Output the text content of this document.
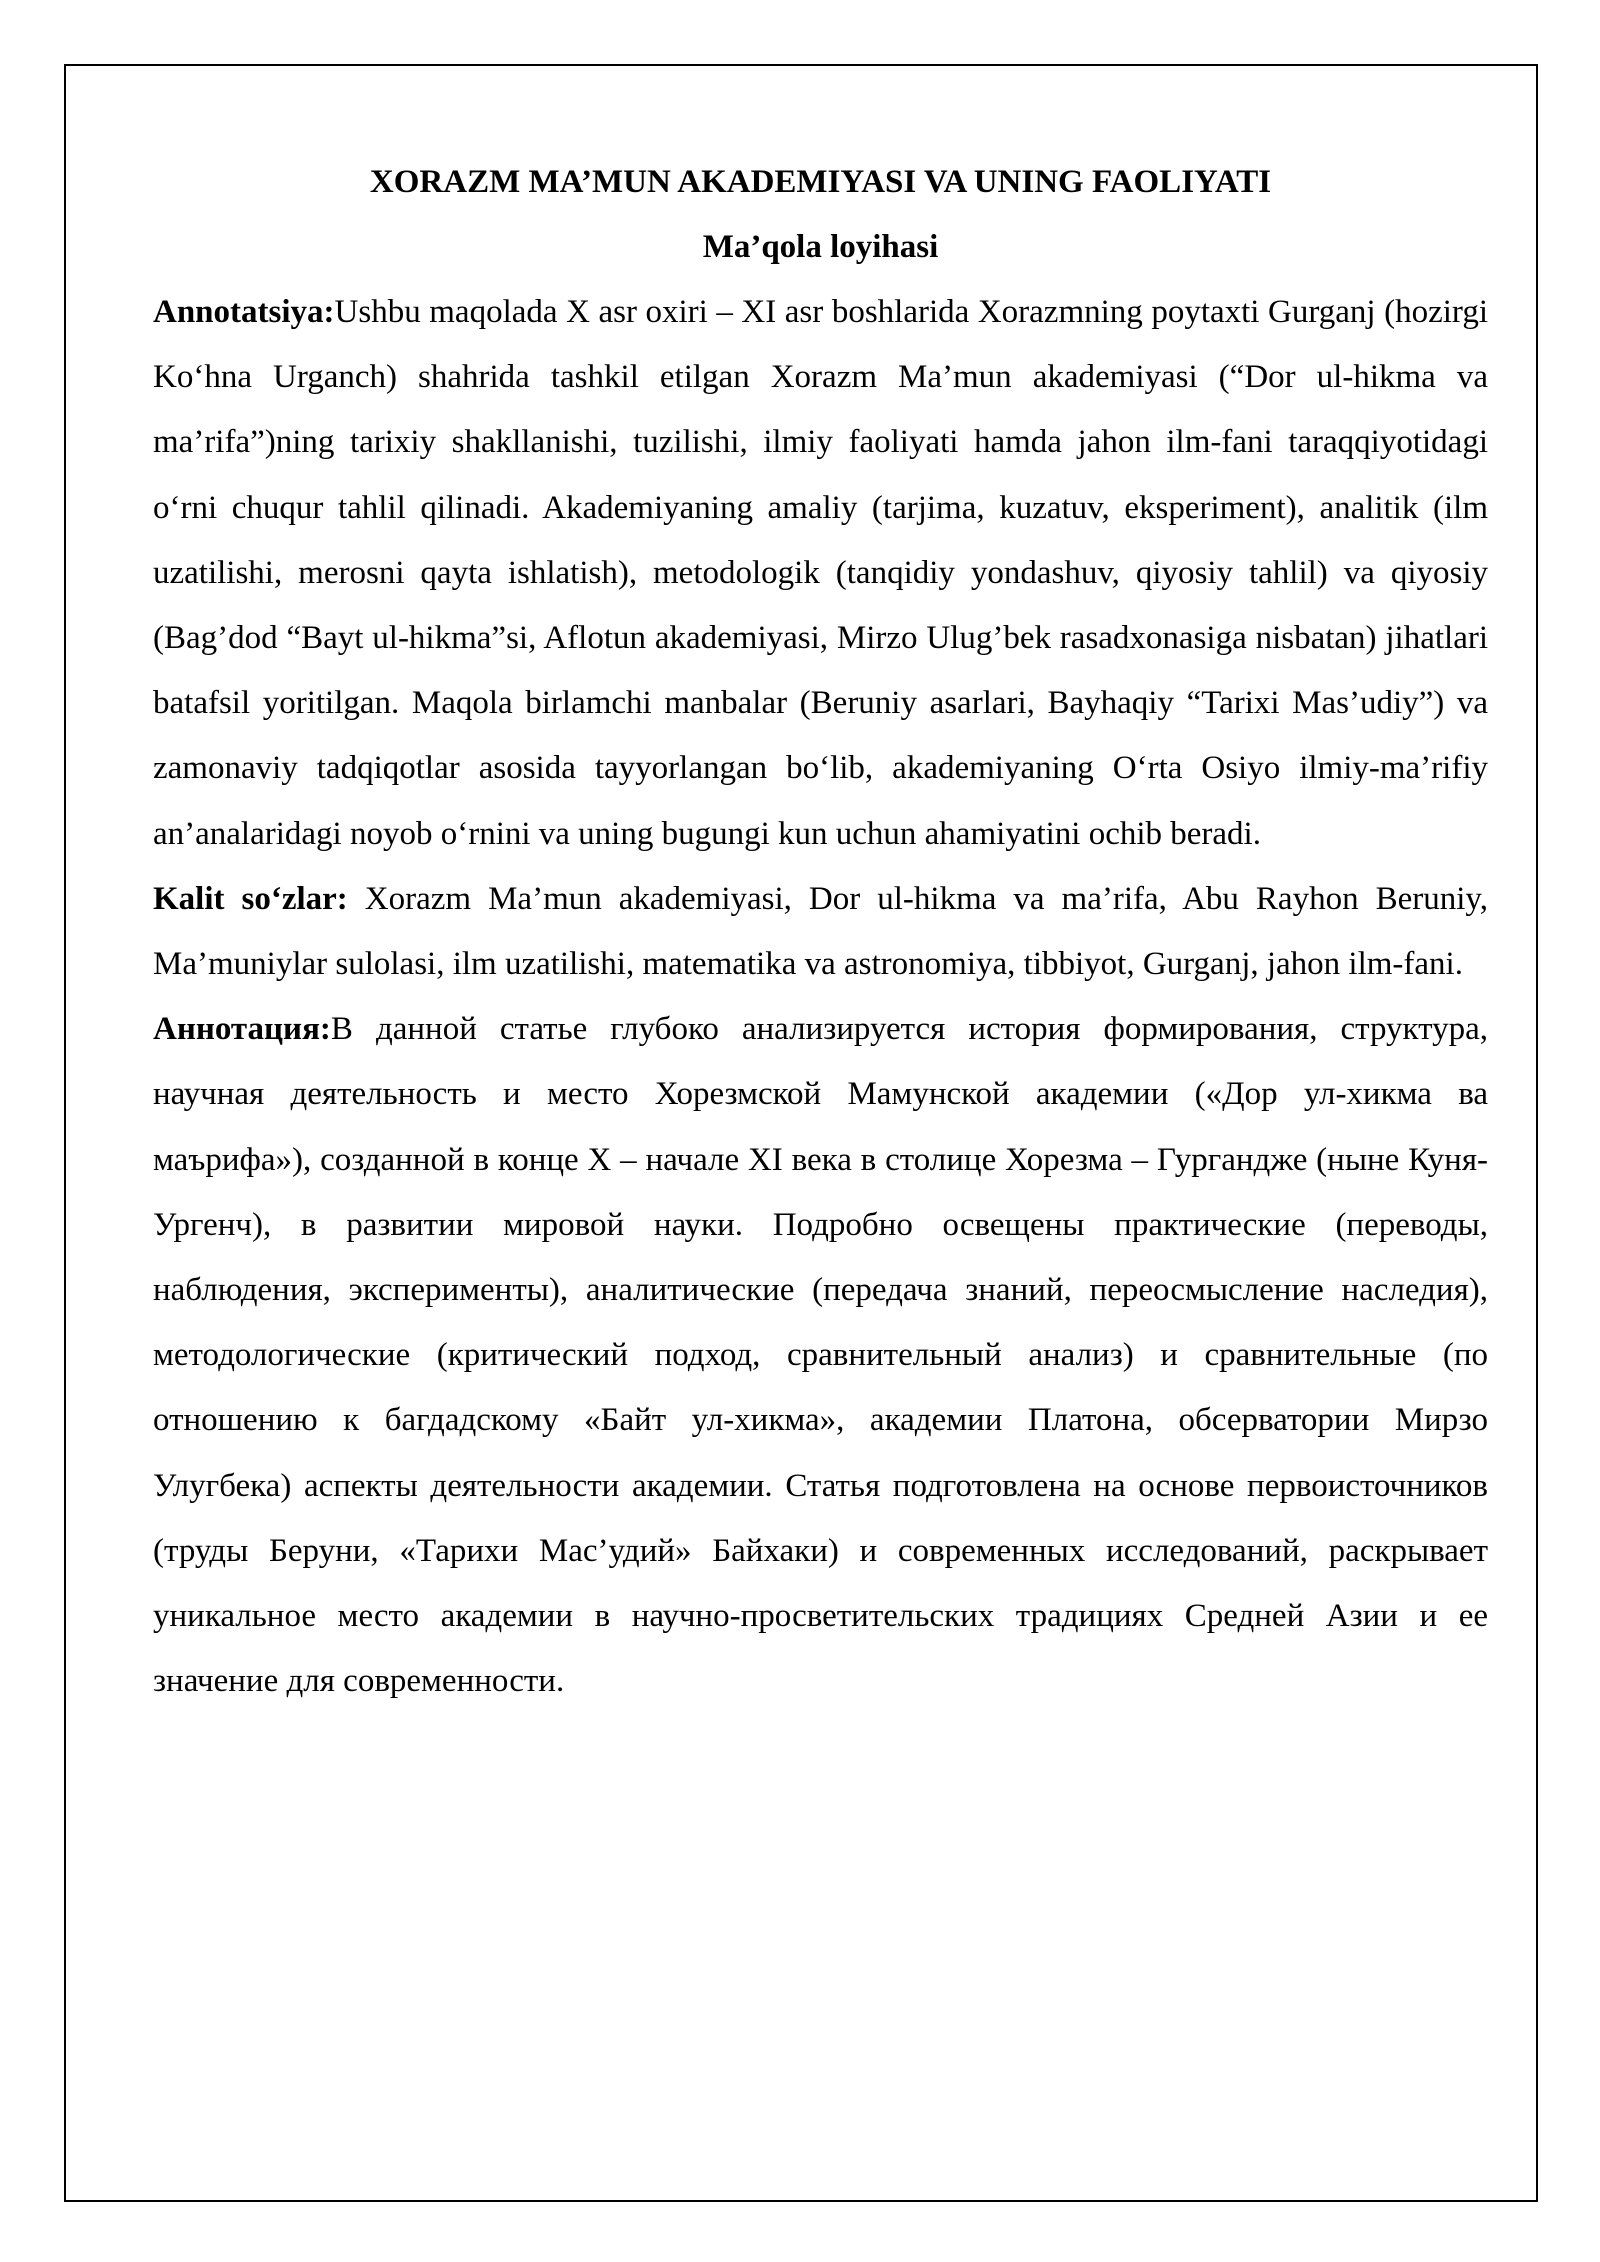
XORAZM MA’MUN AKADEMIYASI VA UNING FAOLIYATI
Ma’qola loyihasi

Annotatsiya:Ushbu maqolada X asr oxiri – XI asr boshlarida Xorazmning poytaxti Gurganj (hozirgi Ko‘hna Urganch) shahrida tashkil etilgan Xorazm Ma’mun akademiyasi (“Dor ul-hikma va ma’rifa”)ning tarixiy shakllanishi, tuzilishi, ilmiy faoliyati hamda jahon ilm-fani taraqqiyotidagi o‘rni chuqur tahlil qilinadi. Akademiyaning amaliy (tarjima, kuzatuv, eksperiment), analitik (ilm uzatilishi, merosni qayta ishlatish), metodologik (tanqidiy yondashuv, qiyosiy tahlil) va qiyosiy (Bag’dod “Bayt ul-hikma”si, Aflotun akademiyasi, Mirzo Ulug’bek rasadxonasiga nisbatan) jihatlari batafsil yoritilgan. Maqola birlamchi manbalar (Beruniy asarlari, Bayhaqiy “Tarixi Mas’udiy”) va zamonaviy tadqiqotlar asosida tayyorlangan bo‘lib, akademiyaning O‘rta Osiyo ilmiy-ma’rifiy an’analaridagi noyob o‘rnini va uning bugungi kun uchun ahamiyatini ochib beradi.

Kalit so‘zlar: Xorazm Ma’mun akademiyasi, Dor ul-hikma va ma’rifa, Abu Rayhon Beruniy, Ma’muniylar sulolasi, ilm uzatilishi, matematika va astronomiya, tibbiyot, Gurganj, jahon ilm-fani.

Аннотация:В данной статье глубоко анализируется история формирования, структура, научная деятельность и место Хорезмской Мамунской академии («Дор ул-хикма ва маърифа»), созданной в конце X – начале XI века в столице Хорезма – Гургандже (ныне Куня-Ургенч), в развитии мировой науки. Подробно освещены практические (переводы, наблюдения, эксперименты), аналитические (передача знаний, переосмысление наследия), методологические (критический подход, сравнительный анализ) и сравнительные (по отношению к багдадскому «Байт ул-хикма», академии Платона, обсерватории Мирзо Улугбека) аспекты деятельности академии. Статья подготовлена на основе первоисточников (труды Беруни, «Тарихи Мас’удий» Байхаки) и современных исследований, раскрывает уникальное место академии в научно-просветительских традициях Средней Азии и ее значение для современности.
